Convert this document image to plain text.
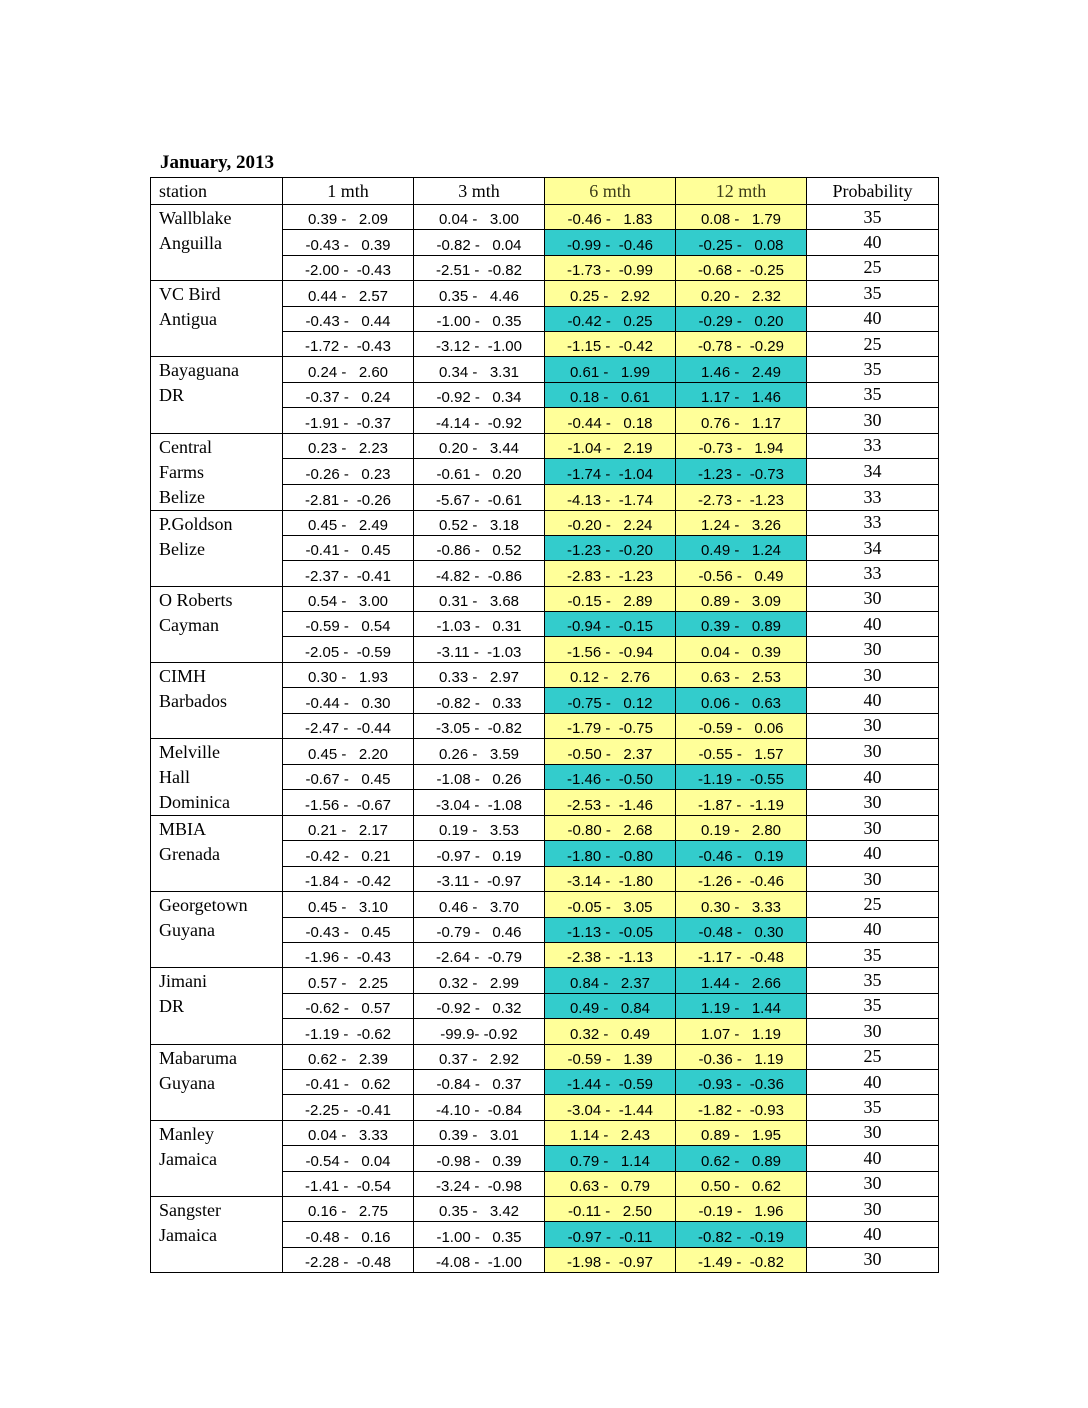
January, 2013
station	1 mth	3 mth	6 mth	12 mth	Probability

Wallblake
Anguilla	0.39 -   2.09	0.04 -   3.00	-0.46 -   1.83	0.08 -   1.79	35
	-0.43 -   0.39	-0.82 -   0.04	-0.99 -  -0.46	-0.25 -   0.08	40
	-2.00 -  -0.43	-2.51 -  -0.82	-1.73 -  -0.99	-0.68 -  -0.25	25

VC Bird
Antigua	0.44 -   2.57	0.35 -   4.46	0.25 -   2.92	0.20 -   2.32	35
	-0.43 -   0.44	-1.00 -   0.35	-0.42 -   0.25	-0.29 -   0.20	40
	-1.72 -  -0.43	-3.12 -  -1.00	-1.15 -  -0.42	-0.78 -  -0.29	25

Bayaguana
DR	0.24 -   2.60	0.34 -   3.31	0.61 -   1.99	1.46 -   2.49	35
	-0.37 -   0.24	-0.92 -   0.34	0.18 -   0.61	1.17 -   1.46	35
	-1.91 -  -0.37	-4.14 -  -0.92	-0.44 -   0.18	0.76 -   1.17	30

Central
Farms
Belize	0.23 -   2.23	0.20 -   3.44	-1.04 -   2.19	-0.73 -   1.94	33
	-0.26 -   0.23	-0.61 -   0.20	-1.74 -  -1.04	-1.23 -  -0.73	34
	-2.81 -  -0.26	-5.67 -  -0.61	-4.13 -  -1.74	-2.73 -  -1.23	33

P.Goldson
Belize	0.45 -   2.49	0.52 -   3.18	-0.20 -   2.24	1.24 -   3.26	33
	-0.41 -   0.45	-0.86 -   0.52	-1.23 -  -0.20	0.49 -   1.24	34
	-2.37 -  -0.41	-4.82 -  -0.86	-2.83 -  -1.23	-0.56 -   0.49	33

O Roberts
Cayman	0.54 -   3.00	0.31 -   3.68	-0.15 -   2.89	0.89 -   3.09	30
	-0.59 -   0.54	-1.03 -   0.31	-0.94 -  -0.15	0.39 -   0.89	40
	-2.05 -  -0.59	-3.11 -  -1.03	-1.56 -  -0.94	0.04 -   0.39	30

CIMH
Barbados	0.30 -   1.93	0.33 -   2.97	0.12 -   2.76	0.63 -   2.53	30
	-0.44 -   0.30	-0.82 -   0.33	-0.75 -   0.12	0.06 -   0.63	40
	-2.47 -  -0.44	-3.05 -  -0.82	-1.79 -  -0.75	-0.59 -   0.06	30

Melville
Hall
Dominica	0.45 -   2.20	0.26 -   3.59	-0.50 -   2.37	-0.55 -   1.57	30
	-0.67 -   0.45	-1.08 -   0.26	-1.46 -  -0.50	-1.19 -  -0.55	40
	-1.56 -  -0.67	-3.04 -  -1.08	-2.53 -  -1.46	-1.87 -  -1.19	30

MBIA
Grenada	0.21 -   2.17	0.19 -   3.53	-0.80 -   2.68	0.19 -   2.80	30
	-0.42 -   0.21	-0.97 -   0.19	-1.80 -  -0.80	-0.46 -   0.19	40
	-1.84 -  -0.42	-3.11 -  -0.97	-3.14 -  -1.80	-1.26 -  -0.46	30

Georgetown
Guyana	0.45 -   3.10	0.46 -   3.70	-0.05 -   3.05	0.30 -   3.33	25
	-0.43 -   0.45	-0.79 -   0.46	-1.13 -  -0.05	-0.48 -   0.30	40
	-1.96 -  -0.43	-2.64 -  -0.79	-2.38 -  -1.13	-1.17 -  -0.48	35

Jimani
DR	0.57 -   2.25	0.32 -   2.99	0.84 -   2.37	1.44 -   2.66	35
	-0.62 -   0.57	-0.92 -   0.32	0.49 -   0.84	1.19 -   1.44	35
	-1.19 -  -0.62	-99.9- -0.92	0.32 -   0.49	1.07 -   1.19	30

Mabaruma
Guyana	0.62 -   2.39	0.37 -   2.92	-0.59 -   1.39	-0.36 -   1.19	25
	-0.41 -   0.62	-0.84 -   0.37	-1.44 -  -0.59	-0.93 -  -0.36	40
	-2.25 -  -0.41	-4.10 -  -0.84	-3.04 -  -1.44	-1.82 -  -0.93	35

Manley
Jamaica	0.04 -   3.33	0.39 -   3.01	1.14 -   2.43	0.89 -   1.95	30
	-0.54 -   0.04	-0.98 -   0.39	0.79 -   1.14	0.62 -   0.89	40
	-1.41 -  -0.54	-3.24 -  -0.98	0.63 -   0.79	0.50 -   0.62	30

Sangster
Jamaica	0.16 -   2.75	0.35 -   3.42	-0.11 -   2.50	-0.19 -   1.96	30
	-0.48 -   0.16	-1.00 -   0.35	-0.97 -  -0.11	-0.82 -  -0.19	40
	-2.28 -  -0.48	-4.08 -  -1.00	-1.98 -  -0.97	-1.49 -  -0.82	30
